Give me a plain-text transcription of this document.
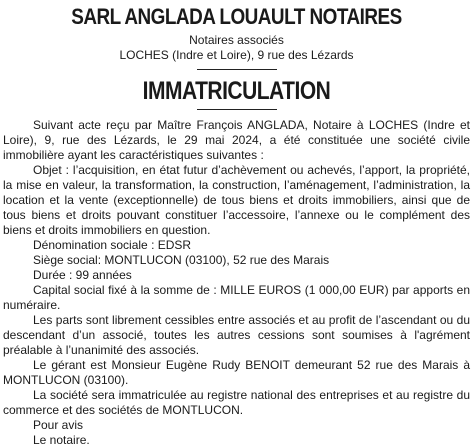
SARL ANGLADA LOUAULT NOTAIRES

Notaires associés

LOCHES (Indre et Loire), 9 rue des Lézards

IMMATRICULATION

Suivant acte reçu par Maître François ANGLADA, Notaire à LOCHES (Indre et Loire), 9, rue des Lézards, le 29 mai 2024, a été constituée une société civile immobilière ayant les caractéristiques suivantes :

Objet : l’acquisition, en état futur d’achèvement ou achevés, l’apport, la propriété, la mise en valeur, la transformation, la construction, l’aménagement, l’administration, la location et la vente (exceptionnelle) de tous biens et droits immobiliers, ainsi que de tous biens et droits pouvant constituer l’accessoire, l’annexe ou le complément des biens et droits immobiliers en question.

Dénomination sociale : EDSR

Siège social: MONTLUCON (03100), 52 rue des Marais

Durée : 99 années

Capital social fixé à la somme de : MILLE EUROS (1 000,00 EUR) par apports en numéraire.

Les parts sont librement cessibles entre associés et au profit de l’ascendant ou du descendant d’un associé, toutes les autres cessions sont soumises à l'agrément préalable à l’unanimité des associés.

Le gérant est Monsieur Eugène Rudy BENOIT demeurant 52 rue des Marais à MONTLUCON (03100).

La société sera immatriculée au registre national des entreprises et au registre du commerce et des sociétés de MONTLUCON.

Pour avis

Le notaire.
